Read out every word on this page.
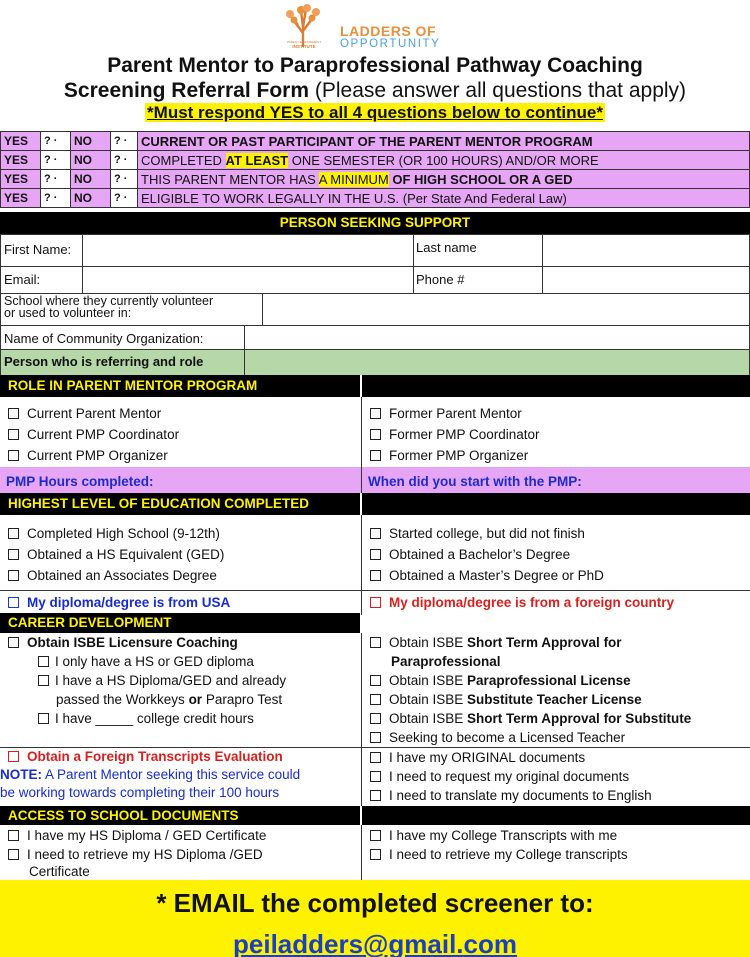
PARENT ENGAGEMENT
INSTITUTE
LADDERS OF
OPPORTUNITY
Parent Mentor to Paraprofessional Pathway Coaching
Screening Referral Form (Please answer all questions that apply)
*Must respond YES to all 4 questions below to continue*
YES	? ·	NO	? ·	CURRENT OR PAST PARTICIPANT OF THE PARENT MENTOR PROGRAM
YES	? ·	NO	? ·	COMPLETED AT LEAST ONE SEMESTER (OR 100 HOURS) AND/OR MORE
YES	? ·	NO	? ·	THIS PARENT MENTOR HAS A MINIMUM OF HIGH SCHOOL OR A GED
YES	? ·	NO	? ·	ELIGIBLE TO WORK LEGALLY IN THE U.S. (Per State And Federal Law)
PERSON SEEKING SUPPORT
First Name:	Last name
Email:	Phone #
School where they currently volunteer
or used to volunteer in:
Name of Community Organization:
Person who is referring and role
ROLE IN PARENT MENTOR PROGRAM
Current Parent Mentor
Current PMP Coordinator
Current PMP Organizer
Former Parent Mentor
Former PMP Coordinator
Former PMP Organizer
PMP Hours completed:	When did you start with the PMP:
HIGHEST LEVEL OF EDUCATION COMPLETED
Completed High School (9-12th)
Obtained a HS Equivalent (GED)
Obtained an Associates Degree
Started college, but did not finish
Obtained a Bachelor’s Degree
Obtained a Master’s Degree or PhD
My diploma/degree is from USA	My diploma/degree is from a foreign country
CAREER DEVELOPMENT
Obtain ISBE Licensure Coaching
I only have a HS or GED diploma
I have a HS Diploma/GED and already
passed the Workkeys or Parapro Test
I have _____ college credit hours
Obtain ISBE Short Term Approval for
Paraprofessional
Obtain ISBE Paraprofessional License
Obtain ISBE Substitute Teacher License
Obtain ISBE Short Term Approval for Substitute
Seeking to become a Licensed Teacher
Obtain a Foreign Transcripts Evaluation
NOTE: A Parent Mentor seeking this service could
be working towards completing their 100 hours
I have my ORIGINAL documents
I need to request my original documents
I need to translate my documents to English
ACCESS TO SCHOOL DOCUMENTS
I have my HS Diploma / GED Certificate
I need to retrieve my HS Diploma /GED
Certificate
I have my College Transcripts with me
I need to retrieve my College transcripts
* EMAIL the completed screener to:
peiladders@gmail.com
